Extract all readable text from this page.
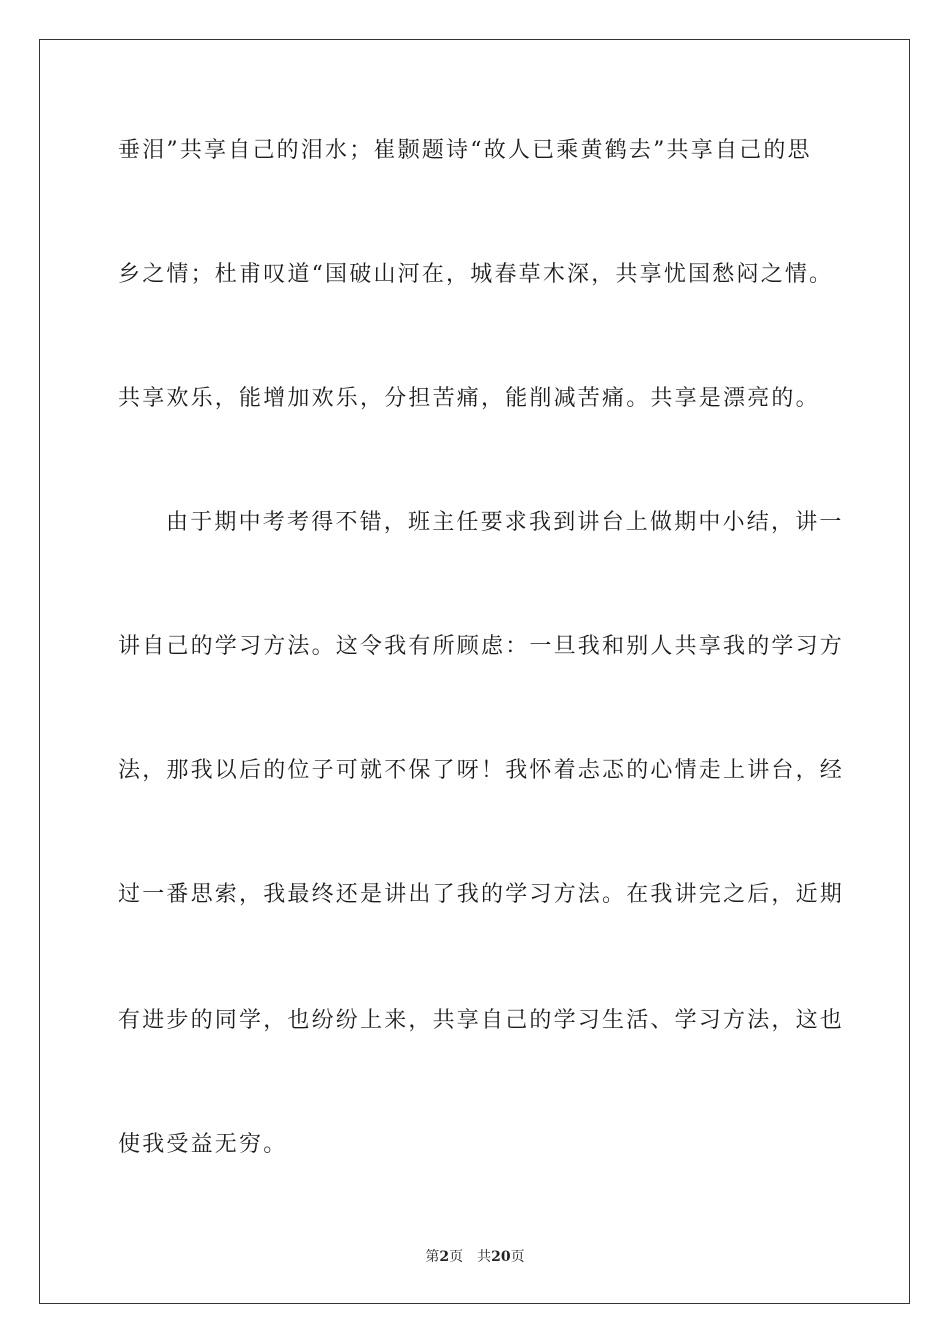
垂泪”共享自己的泪水；崔颢题诗“故人已乘黄鹤去”共享自己的思
乡之情；杜甫叹道“国破山河在，城春草木深，共享忧国愁闷之情。
共享欢乐，能增加欢乐，分担苦痛，能削减苦痛。共享是漂亮的。
由于期中考考得不错，班主任要求我到讲台上做期中小结，讲一
讲自己的学习方法。这令我有所顾虑：一旦我和别人共享我的学习方
法，那我以后的位子可就不保了呀！我怀着忐忑的心情走上讲台，经
过一番思索，我最终还是讲出了我的学习方法。在我讲完之后，近期
有进步的同学，也纷纷上来，共享自己的学习生活、学习方法，这也
使我受益无穷。
第2页 共20页
